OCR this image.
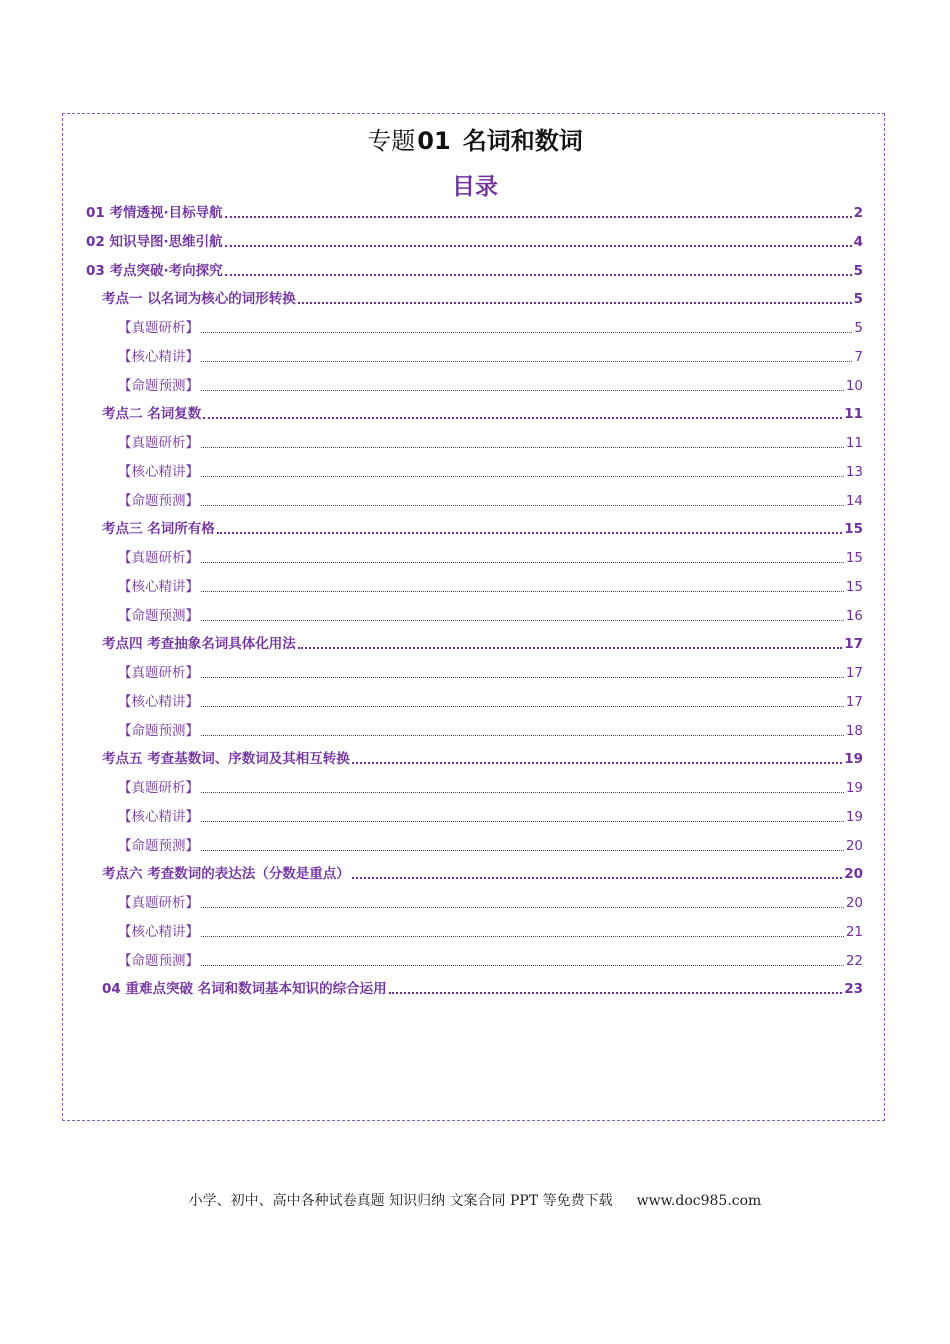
专题01 名词和数词
目录
01 考情透视·目标导航	2
02 知识导图·思维引航	4
03 考点突破·考向探究	5
考点一 以名词为核心的词形转换	5
【真题研析】	5
【核心精讲】	7
【命题预测】	10
考点二 名词复数	11
【真题研析】	11
【核心精讲】	13
【命题预测】	14
考点三 名词所有格	15
【真题研析】	15
【核心精讲】	15
【命题预测】	16
考点四 考查抽象名词具体化用法	17
【真题研析】	17
【核心精讲】	17
【命题预测】	18
考点五 考查基数词、序数词及其相互转换	19
【真题研析】	19
【核心精讲】	19
【命题预测】	20
考点六 考查数词的表达法（分数是重点）	20
【真题研析】	20
【核心精讲】	21
【命题预测】	22
04 重难点突破 名词和数词基本知识的综合运用	23
小学、初中、高中各种试卷真题 知识归纳 文案合同 PPT 等免费下载 www.doc985.com
